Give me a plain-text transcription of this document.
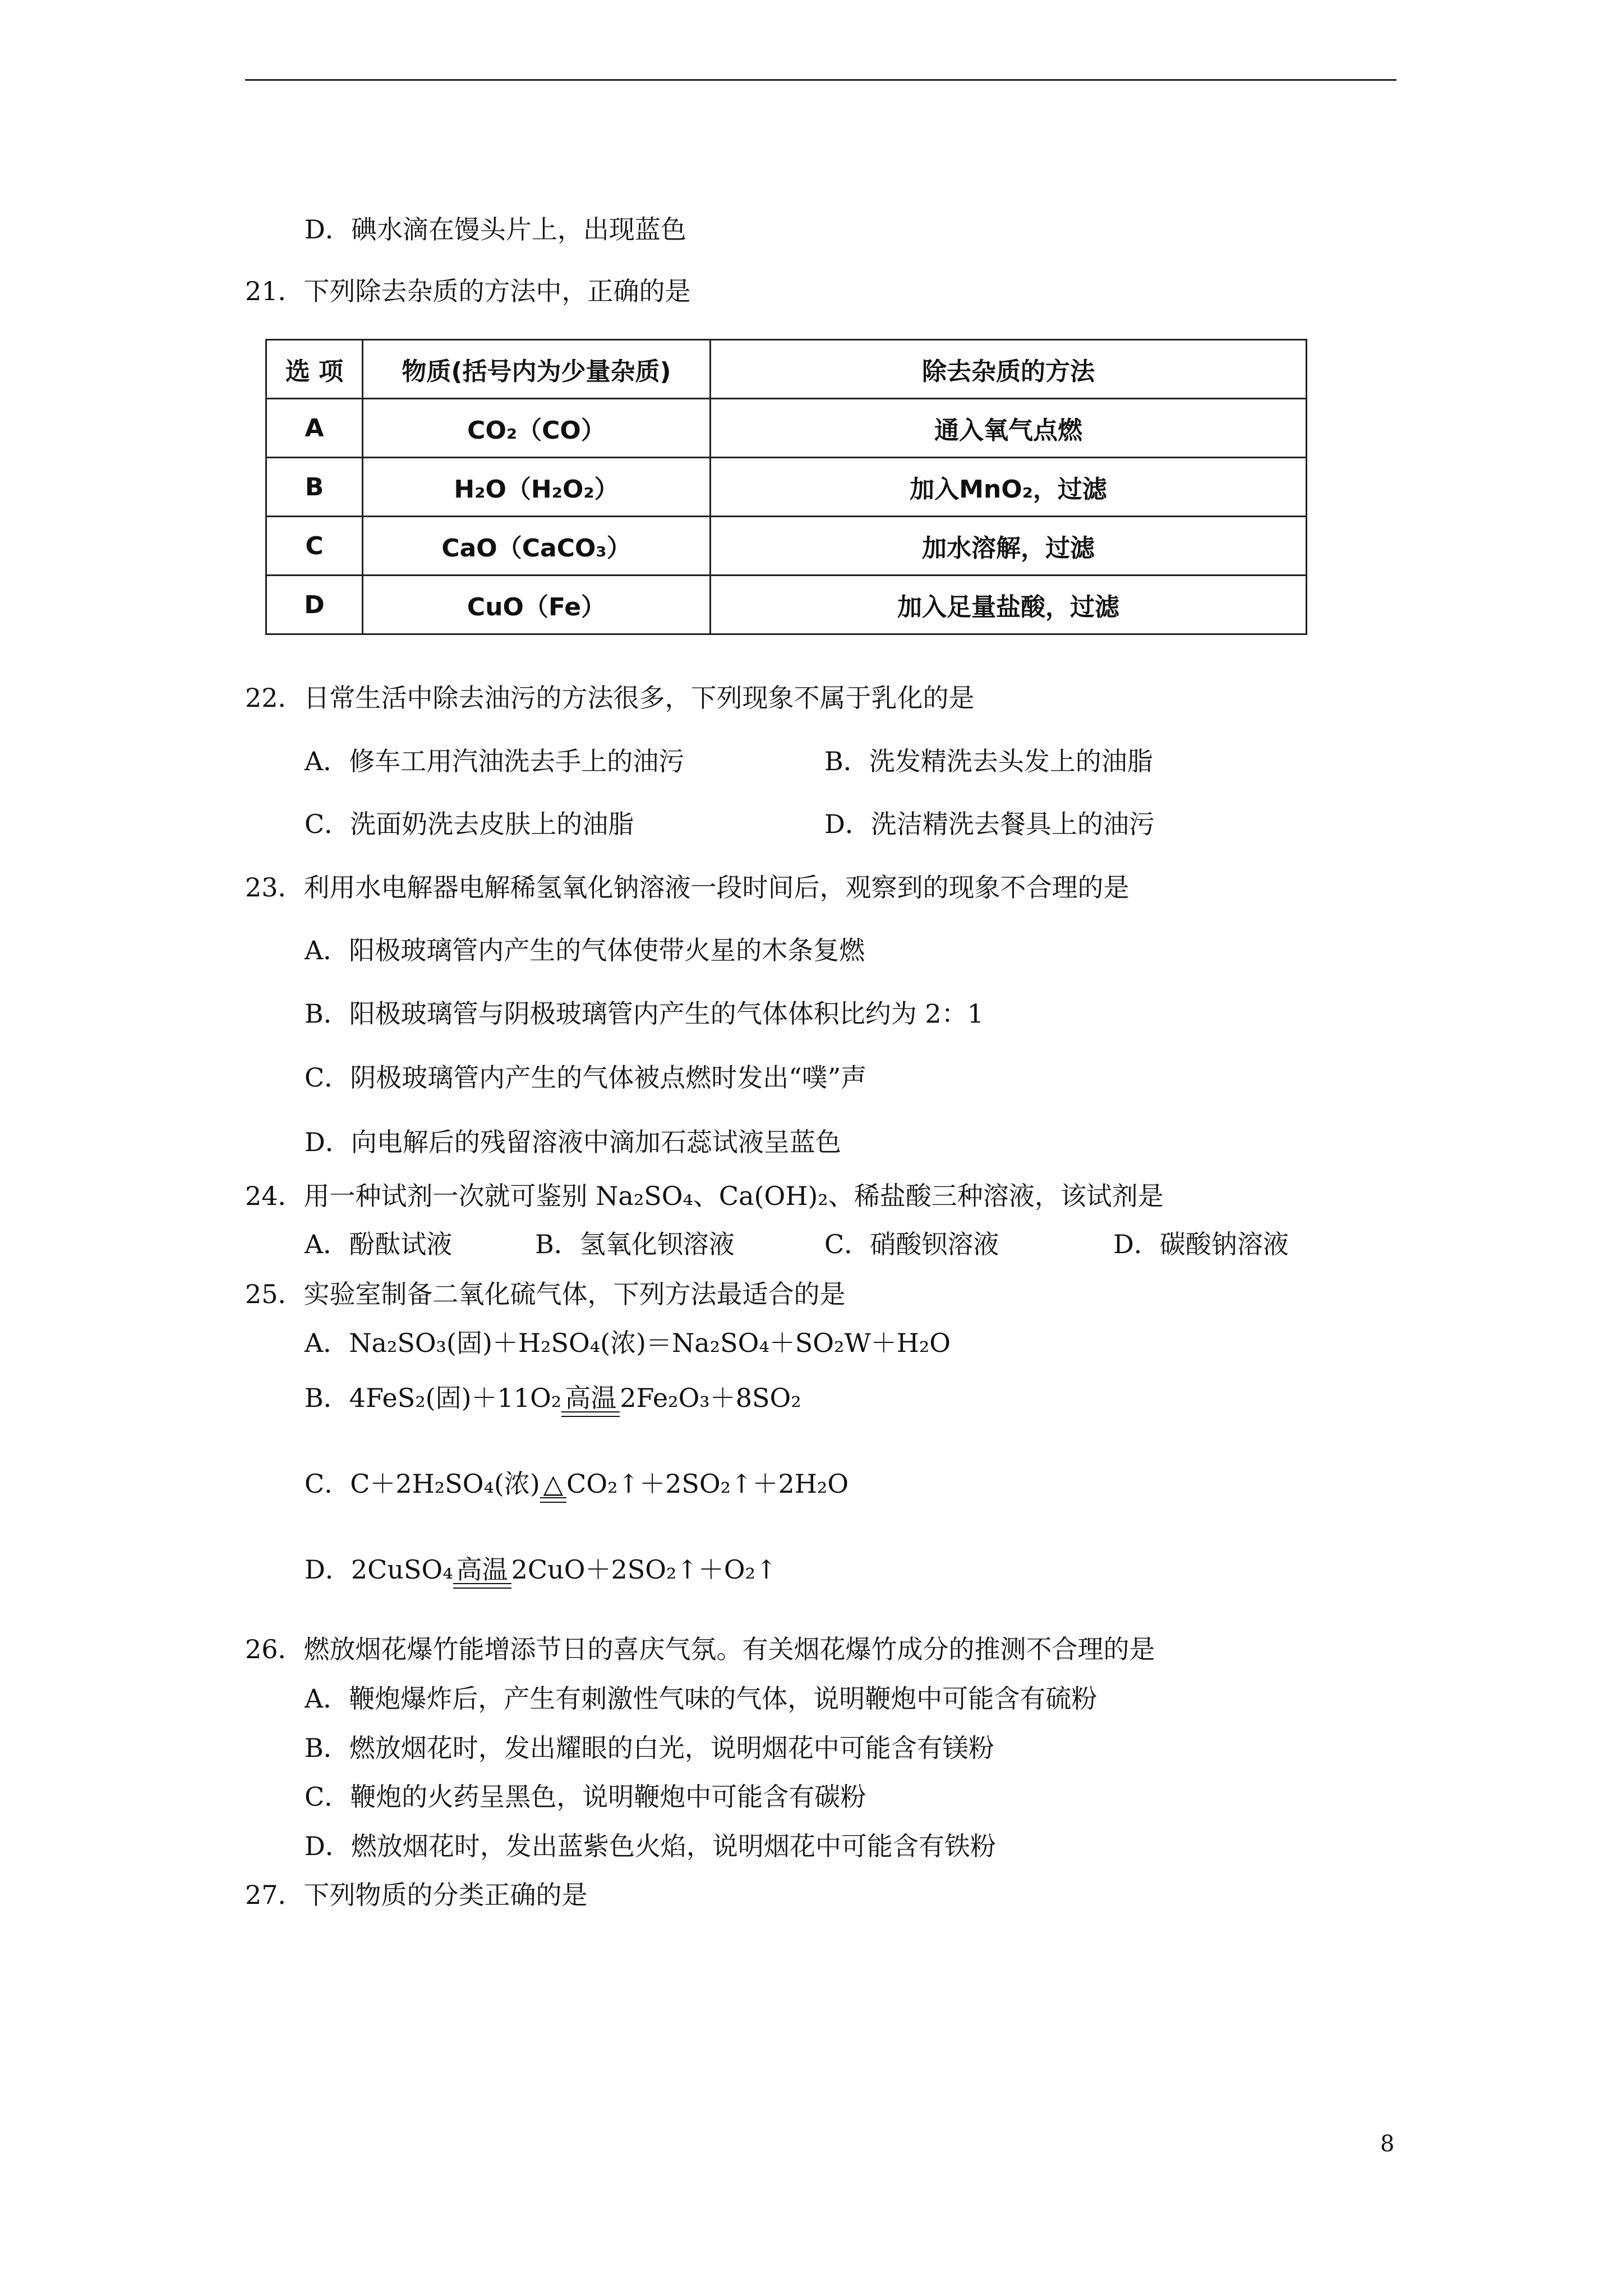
D．碘水滴在馒头片上，出现蓝色
21．下列除去杂质的方法中，正确的是
选 项	物质(括号内为少量杂质)	除去杂质的方法
A	CO₂（CO）	通入氧气点燃
B	H₂O（H₂O₂）	加入MnO₂，过滤
C	CaO（CaCO₃）	加水溶解，过滤
D	CuO（Fe）	加入足量盐酸，过滤
22．日常生活中除去油污的方法很多，下列现象不属于乳化的是
A．修车工用汽油洗去手上的油污	B．洗发精洗去头发上的油脂
C．洗面奶洗去皮肤上的油脂	D．洗洁精洗去餐具上的油污
23．利用水电解器电解稀氢氧化钠溶液一段时间后，观察到的现象不合理的是
A．阳极玻璃管内产生的气体使带火星的木条复燃
B．阳极玻璃管与阴极玻璃管内产生的气体体积比约为 2：1
C．阴极玻璃管内产生的气体被点燃时发出“噗”声
D．向电解后的残留溶液中滴加石蕊试液呈蓝色
24．用一种试剂一次就可鉴别 Na₂SO₄、Ca(OH)₂、稀盐酸三种溶液，该试剂是
A．酚酞试液	B．氢氧化钡溶液	C．硝酸钡溶液	D．碳酸钠溶液
25．实验室制备二氧化硫气体，下列方法最适合的是
A．Na₂SO₃(固)＋H₂SO₄(浓)＝Na₂SO₄＋SO₂W＋H₂O
B．4FeS₂(固)＋11O₂ 高温 2Fe₂O₃＋8SO₂
C．C＋2H₂SO₄(浓) △ CO₂↑＋2SO₂↑＋2H₂O
D．2CuSO₄ 高温 2CuO＋2SO₂↑＋O₂↑
26．燃放烟花爆竹能增添节日的喜庆气氛。有关烟花爆竹成分的推测不合理的是
A．鞭炮爆炸后，产生有刺激性气味的气体，说明鞭炮中可能含有硫粉
B．燃放烟花时，发出耀眼的白光，说明烟花中可能含有镁粉
C．鞭炮的火药呈黑色，说明鞭炮中可能含有碳粉
D．燃放烟花时，发出蓝紫色火焰，说明烟花中可能含有铁粉
27．下列物质的分类正确的是
8
